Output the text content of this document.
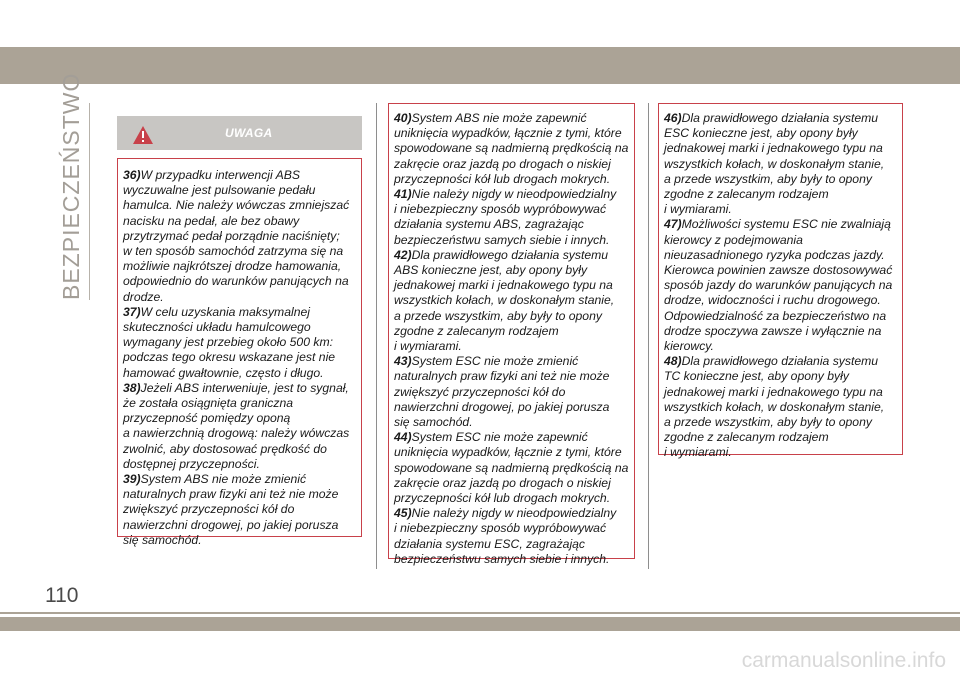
BEZPIECZEŃSTWO	UWAGA

36)W przypadku interwencji ABS
wyczuwalne jest pulsowanie pedału
hamulca. Nie należy wówczas zmniejszać
nacisku na pedał, ale bez obawy
przytrzymać pedał porządnie naciśnięty;
w ten sposób samochód zatrzyma się na
możliwie najkrótszej drodze hamowania,
odpowiednio do warunków panujących na
drodze.
37)W celu uzyskania maksymalnej
skuteczności układu hamulcowego
wymagany jest przebieg około 500 km:
podczas tego okresu wskazane jest nie
hamować gwałtownie, często i długo.
38)Jeżeli ABS interweniuje, jest to sygnał,
że została osiągnięta graniczna
przyczepność pomiędzy oponą
a nawierzchnią drogową: należy wówczas
zwolnić, aby dostosować prędkość do
dostępnej przyczepności.
39)System ABS nie może zmienić
naturalnych praw fizyki ani też nie może
zwiększyć przyczepności kół do
nawierzchni drogowej, po jakiej porusza
się samochód.

40)System ABS nie może zapewnić
uniknięcia wypadków, łącznie z tymi, które
spowodowane są nadmierną prędkością na
zakręcie oraz jazdą po drogach o niskiej
przyczepności kół lub drogach mokrych.
41)Nie należy nigdy w nieodpowiedzialny
i niebezpieczny sposób wypróbowywać
działania systemu ABS, zagrażając
bezpieczeństwu samych siebie i innych.
42)Dla prawidłowego działania systemu
ABS konieczne jest, aby opony były
jednakowej marki i jednakowego typu na
wszystkich kołach, w doskonałym stanie,
a przede wszystkim, aby były to opony
zgodne z zalecanym rodzajem
i wymiarami.
43)System ESC nie może zmienić
naturalnych praw fizyki ani też nie może
zwiększyć przyczepności kół do
nawierzchni drogowej, po jakiej porusza
się samochód.
44)System ESC nie może zapewnić
uniknięcia wypadków, łącznie z tymi, które
spowodowane są nadmierną prędkością na
zakręcie oraz jazdą po drogach o niskiej
przyczepności kół lub drogach mokrych.
45)Nie należy nigdy w nieodpowiedzialny
i niebezpieczny sposób wypróbowywać
działania systemu ESC, zagrażając
bezpieczeństwu samych siebie i innych.

46)Dla prawidłowego działania systemu
ESC konieczne jest, aby opony były
jednakowej marki i jednakowego typu na
wszystkich kołach, w doskonałym stanie,
a przede wszystkim, aby były to opony
zgodne z zalecanym rodzajem
i wymiarami.
47)Możliwości systemu ESC nie zwalniają
kierowcy z podejmowania
nieuzasadnionego ryzyka podczas jazdy.
Kierowca powinien zawsze dostosowywać
sposób jazdy do warunków panujących na
drodze, widoczności i ruchu drogowego.
Odpowiedzialność za bezpieczeństwo na
drodze spoczywa zawsze i wyłącznie na
kierowcy.
48)Dla prawidłowego działania systemu
TC konieczne jest, aby opony były
jednakowej marki i jednakowego typu na
wszystkich kołach, w doskonałym stanie,
a przede wszystkim, aby były to opony
zgodne z zalecanym rodzajem
i wymiarami.

110
carmanualsonline.info
